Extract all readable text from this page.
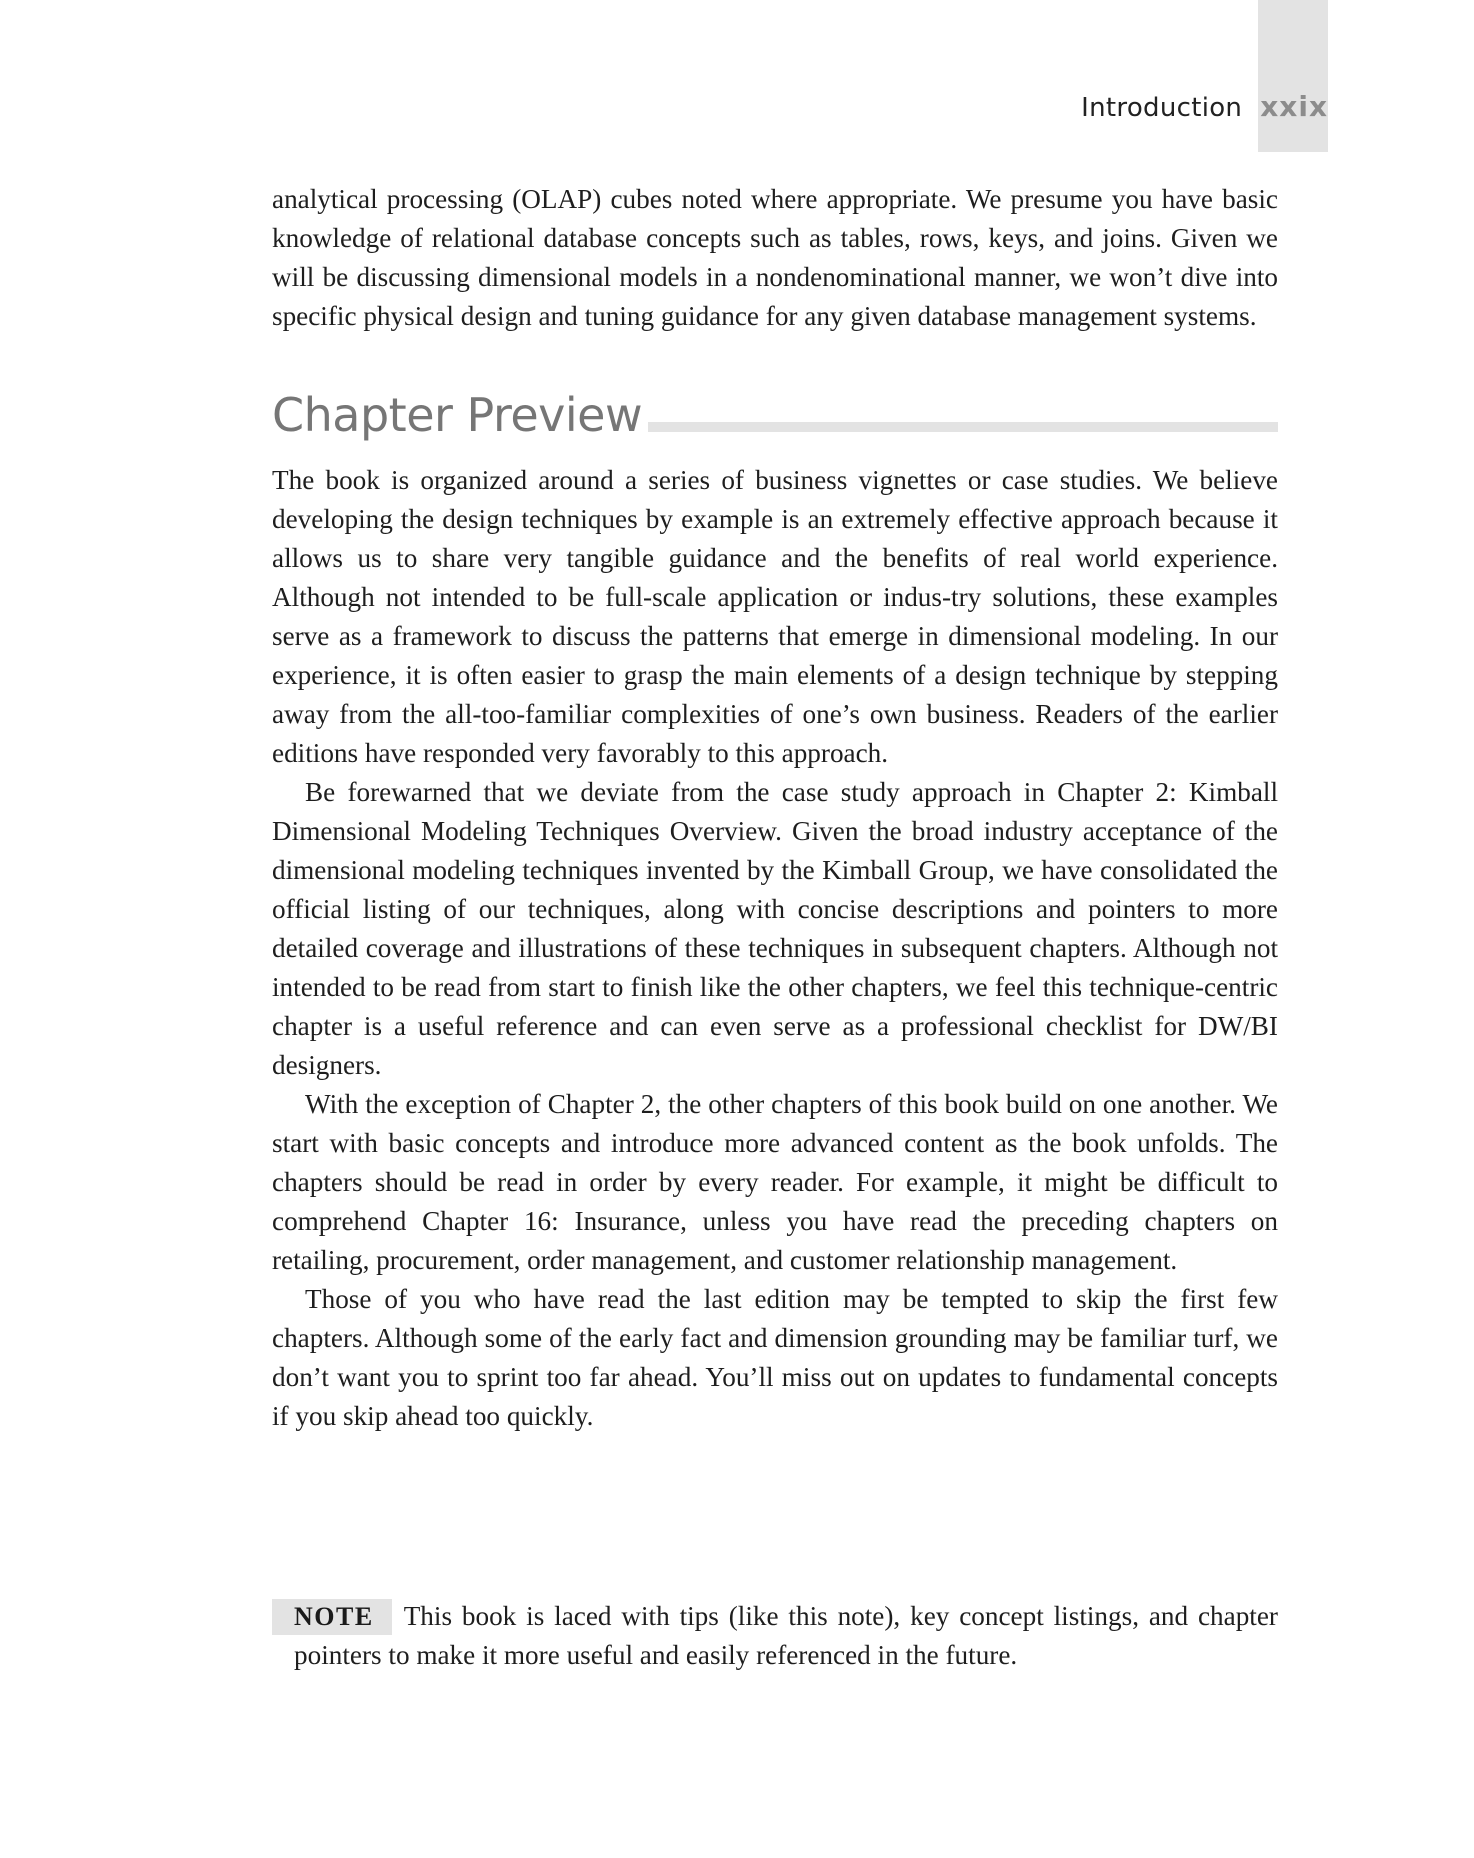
Introduction xxix

analytical processing (OLAP) cubes noted where appropriate. We presume you have basic knowledge of relational database concepts such as tables, rows, keys, and joins. Given we will be discussing dimensional models in a nondenominational manner, we won’t dive into specific physical design and tuning guidance for any given database management systems.

Chapter Preview

The book is organized around a series of business vignettes or case studies. We believe developing the design techniques by example is an extremely effective approach because it allows us to share very tangible guidance and the benefits of real world experience. Although not intended to be full-scale application or indus-try solutions, these examples serve as a framework to discuss the patterns that emerge in dimensional modeling. In our experience, it is often easier to grasp the main elements of a design technique by stepping away from the all-too-familiar complexities of one’s own business. Readers of the earlier editions have responded very favorably to this approach.

Be forewarned that we deviate from the case study approach in Chapter 2: Kimball Dimensional Modeling Techniques Overview. Given the broad industry acceptance of the dimensional modeling techniques invented by the Kimball Group, we have consolidated the official listing of our techniques, along with concise descriptions and pointers to more detailed coverage and illustrations of these techniques in subsequent chapters. Although not intended to be read from start to finish like the other chapters, we feel this technique-centric chapter is a useful reference and can even serve as a professional checklist for DW/BI designers.

With the exception of Chapter 2, the other chapters of this book build on one another. We start with basic concepts and introduce more advanced content as the book unfolds. The chapters should be read in order by every reader. For example, it might be difficult to comprehend Chapter 16: Insurance, unless you have read the preceding chapters on retailing, procurement, order management, and customer relationship management.

Those of you who have read the last edition may be tempted to skip the first few chapters. Although some of the early fact and dimension grounding may be familiar turf, we don’t want you to sprint too far ahead. You’ll miss out on updates to fundamental concepts if you skip ahead too quickly.

NOTE This book is laced with tips (like this note), key concept listings, and chapter pointers to make it more useful and easily referenced in the future.
